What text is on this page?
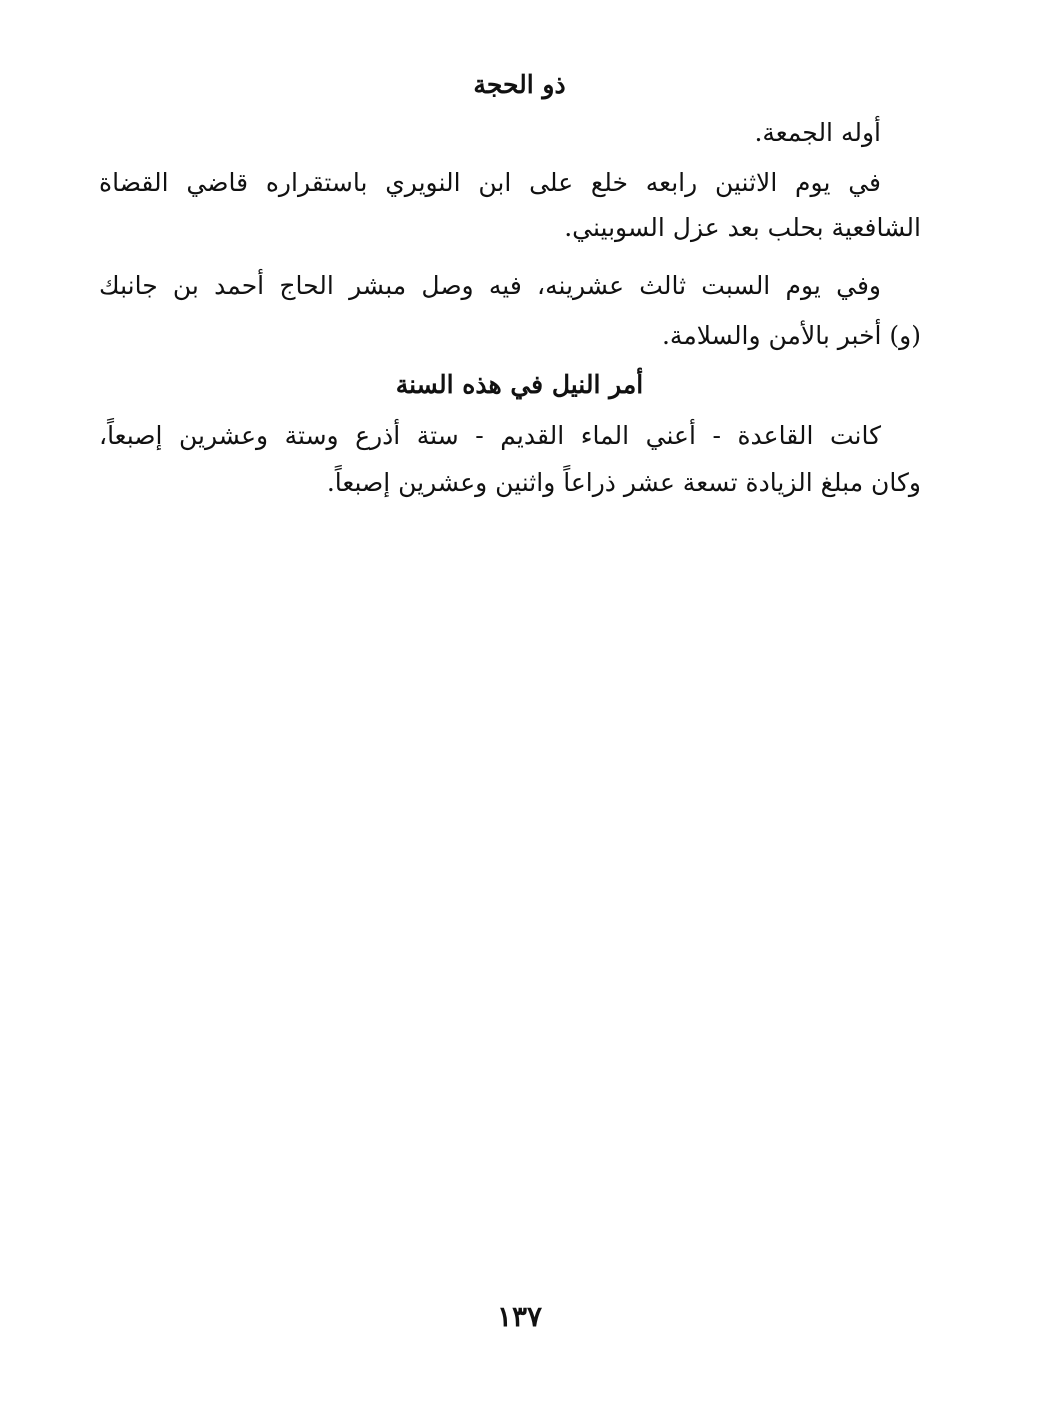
ذو الحجة
أوله الجمعة.
في يوم الاثنين رابعه خلع على ابن النويري باستقراره قاضي القضاة
الشافعية بحلب بعد عزل السوبيني.
وفي يوم السبت ثالث عشرينه، فيه وصل مبشر الحاج أحمد بن جانبك
(و) أخبر بالأمن والسلامة.
أمر النيل في هذه السنة
كانت القاعدة - أعني الماء القديم - ستة أذرع وستة وعشرين إصبعاً،
وكان مبلغ الزيادة تسعة عشر ذراعاً واثنين وعشرين إصبعاً.
١٣٧
